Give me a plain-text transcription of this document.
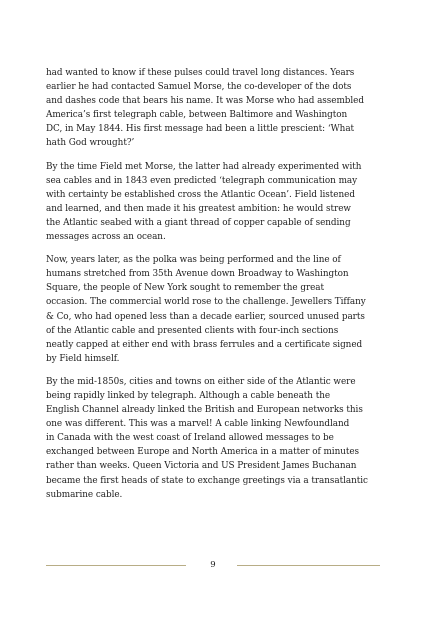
had wanted to know if these pulses could travel long distances. Years
earlier he had contacted Samuel Morse, the co-developer of the dots
and dashes code that bears his name. It was Morse who had assembled
America’s first telegraph cable, between Baltimore and Washington
DC, in May 1844. His first message had been a little prescient: ‘What
hath God wrought?’

By the time Field met Morse, the latter had already experimented with
sea cables and in 1843 even predicted ‘telegraph communication may
with certainty be established cross the Atlantic Ocean’. Field listened
and learned, and then made it his greatest ambition: he would strew
the Atlantic seabed with a giant thread of copper capable of sending
messages across an ocean.

Now, years later, as the polka was being performed and the line of
humans stretched from 35th Avenue down Broadway to Washington
Square, the people of New York sought to remember the great
occasion. The commercial world rose to the challenge. Jewellers Tiffany
& Co, who had opened less than a decade earlier, sourced unused parts
of the Atlantic cable and presented clients with four-inch sections
neatly capped at either end with brass ferrules and a certificate signed
by Field himself.

By the mid-1850s, cities and towns on either side of the Atlantic were
being rapidly linked by telegraph. Although a cable beneath the
English Channel already linked the British and European networks this
one was different. This was a marvel! A cable linking Newfoundland
in Canada with the west coast of Ireland allowed messages to be
exchanged between Europe and North America in a matter of minutes
rather than weeks. Queen Victoria and US President James Buchanan
became the first heads of state to exchange greetings via a transatlantic
submarine cable.

9
